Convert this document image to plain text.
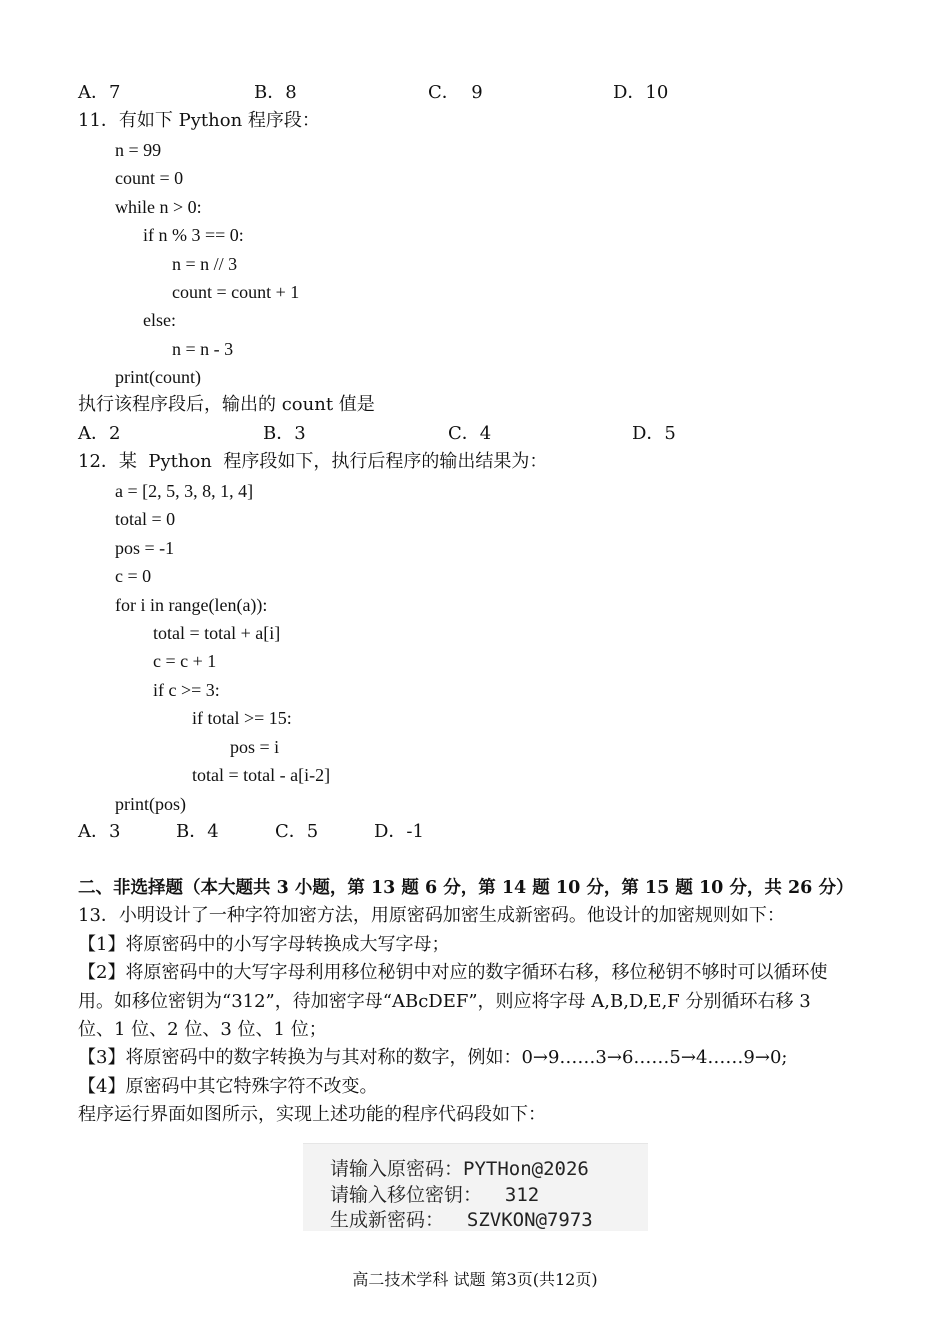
A．7	B．8	C．  9	D．10
11．有如下 Python 程序段：
n = 99
count = 0
while n > 0:
if n % 3 == 0:
n = n // 3
count = count + 1
else:
n = n - 3
print(count)
执行该程序段后，输出的 count 值是
A．2	B．3	C．4	D．5
12．某  Python  程序段如下，执行后程序的输出结果为：
a = [2, 5, 3, 8, 1, 4]
total = 0
pos = -1
c = 0
for i in range(len(a)):
total = total + a[i]
c = c + 1
if c >= 3:
if total >= 15:
pos = i
total = total - a[i-2]
print(pos)
A．3	B．4	C．5	D．-1
二、非选择题（本大题共 3 小题，第 13 题 6 分，第 14 题 10 分，第 15 题 10 分，共 26 分）
13．小明设计了一种字符加密方法，用原密码加密生成新密码。他设计的加密规则如下：
【1】将原密码中的小写字母转换成大写字母；
【2】将原密码中的大写字母利用移位秘钥中对应的数字循环右移，移位秘钥不够时可以循环使
用。如移位密钥为“312”，待加密字母“ABcDEF”，则应将字母 A,B,D,E,F 分别循环右移 3
位、1 位、2 位、3 位、1 位；
【3】将原密码中的数字转换为与其对称的数字，例如：0→9……3→6……5→4……9→0;
【4】原密码中其它特殊字符不改变。
程序运行界面如图所示，实现上述功能的程序代码段如下：
请输入原密码：PYTHon@2026
请输入移位密钥：  312
生成新密码：  SZVKON@7973
高二技术学科 试题 第3页(共12页)
